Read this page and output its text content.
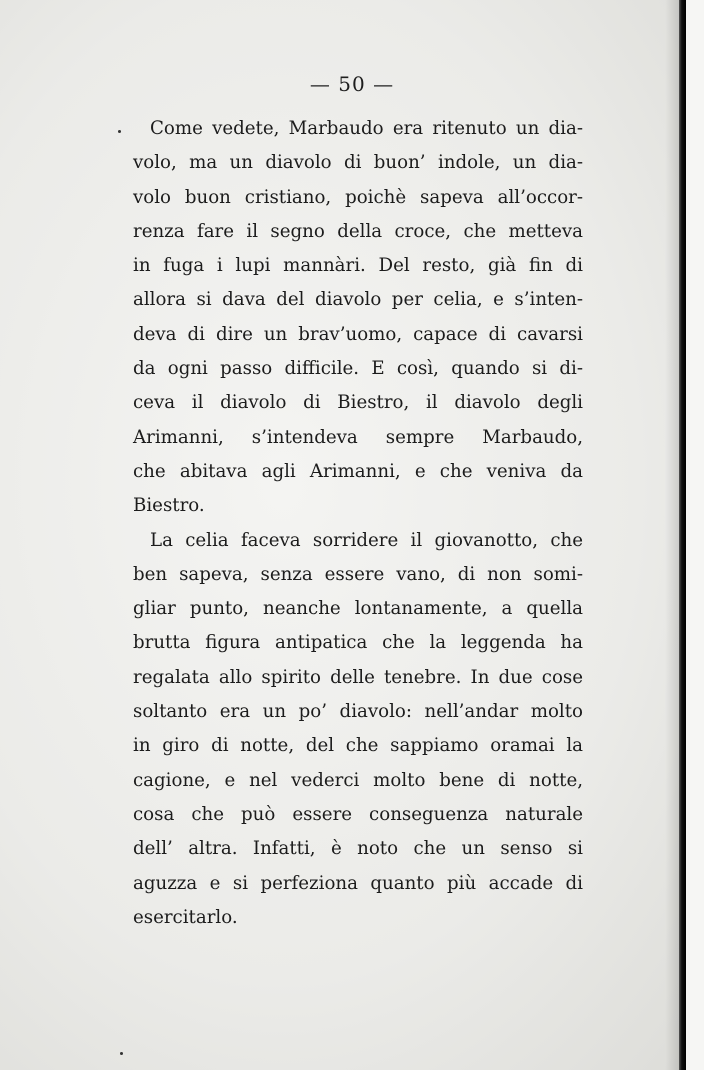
— 50 —
Come vedete, Marbaudo era ritenuto un dia-
volo, ma un diavolo di buon’ indole, un dia-
volo buon cristiano, poichè sapeva all’occor-
renza fare il segno della croce, che metteva
in fuga i lupi mannàri. Del resto, già fin di
allora si dava del diavolo per celia, e s’inten-
deva di dire un brav’uomo, capace di cavarsi
da ogni passo difficile. E così, quando si di-
ceva il diavolo di Biestro, il diavolo degli
Arimanni, s’intendeva sempre Marbaudo,
che abitava agli Arimanni, e che veniva da
Biestro.
La celia faceva sorridere il giovanotto, che
ben sapeva, senza essere vano, di non somi-
gliar punto, neanche lontanamente, a quella
brutta figura antipatica che la leggenda ha
regalata allo spirito delle tenebre. In due cose
soltanto era un po’ diavolo: nell’andar molto
in giro di notte, del che sappiamo oramai la
cagione, e nel vederci molto bene di notte,
cosa che può essere conseguenza naturale
dell’ altra. Infatti, è noto che un senso si
aguzza e si perfeziona quanto più accade di
esercitarlo.
